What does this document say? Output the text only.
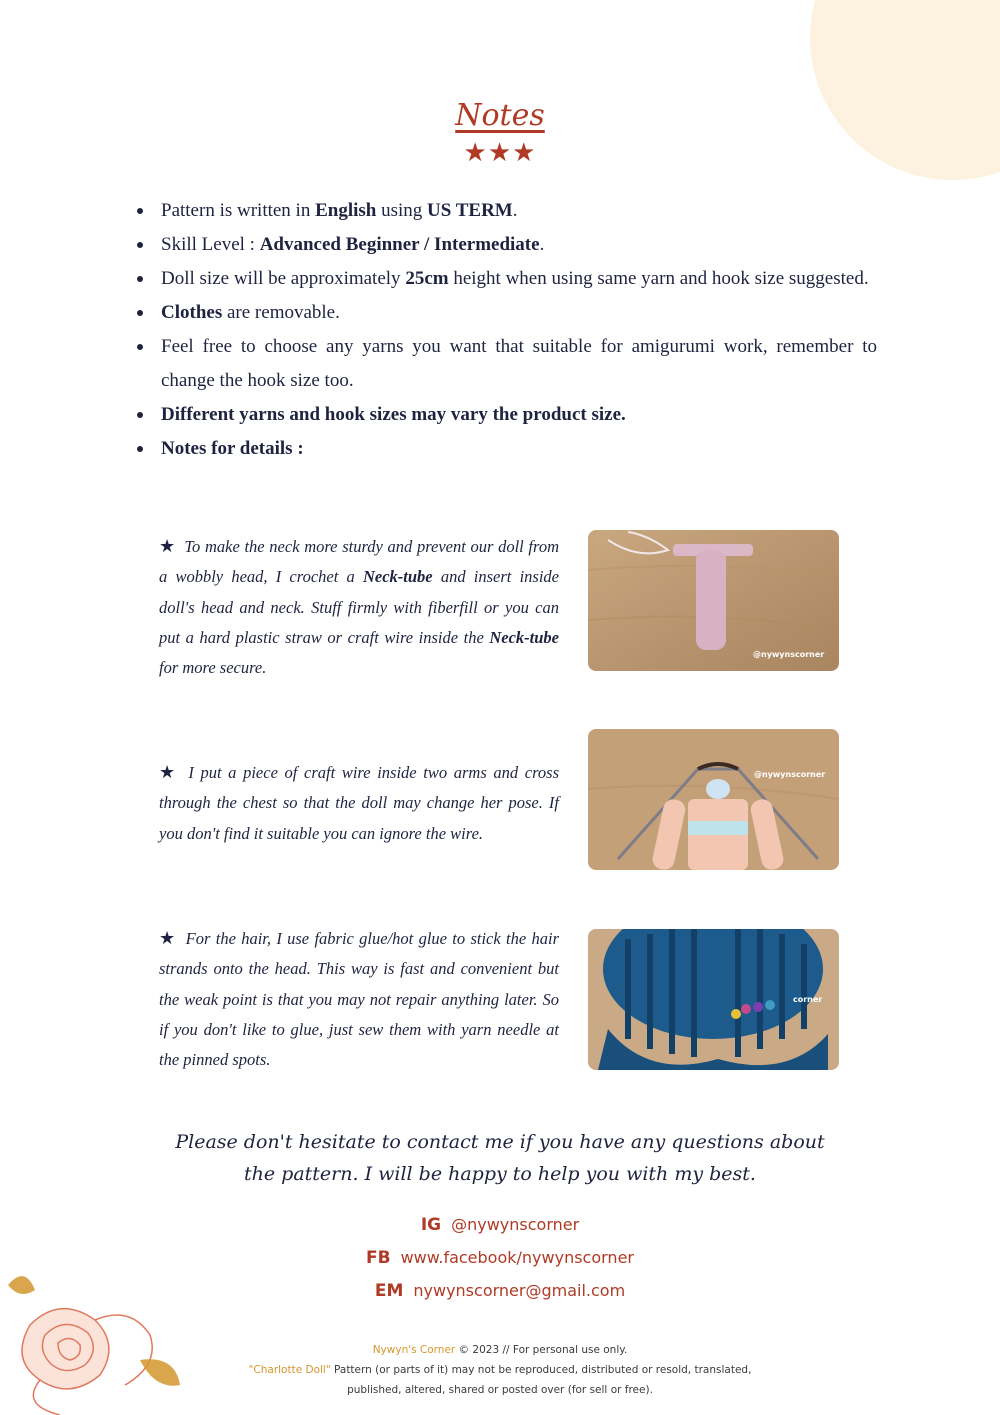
Notes
★★★
Pattern is written in English using US TERM.
Skill Level : Advanced Beginner / Intermediate.
Doll size will be approximately 25cm height when using same yarn and hook size suggested.
Clothes are removable.
Feel free to choose any yarns you want that suitable for amigurumi work, remember to change the hook size too.
Different yarns and hook sizes may vary the product size.
Notes for details :
★ To make the neck more sturdy and prevent our doll from a wobbly head, I crochet a Neck-tube and insert inside doll's head and neck. Stuff firmly with fiberfill or you can put a hard plastic straw or craft wire inside the Neck-tube for more secure.
@nywynscorner
★ I put a piece of craft wire inside two arms and cross through the chest so that the doll may change her pose. If you don't find it suitable you can ignore the wire.
@nywynscorner
★ For the hair, I use fabric glue/hot glue to stick the hair strands onto the head. This way is fast and convenient but the weak point is that you may not repair anything later. So if you don't like to glue, just sew them with yarn needle at the pinned spots.
corner
Please don't hesitate to contact me if you have any questions about
the pattern. I will be happy to help you with my best.
IG @nywynscorner
FB www.facebook/nywynscorner
EM nywynscorner@gmail.com
Nywyn's Corner © 2023 // For personal use only.
"Charlotte Doll" Pattern (or parts of it) may not be reproduced, distributed or resold, translated,
published, altered, shared or posted over (for sell or free).
